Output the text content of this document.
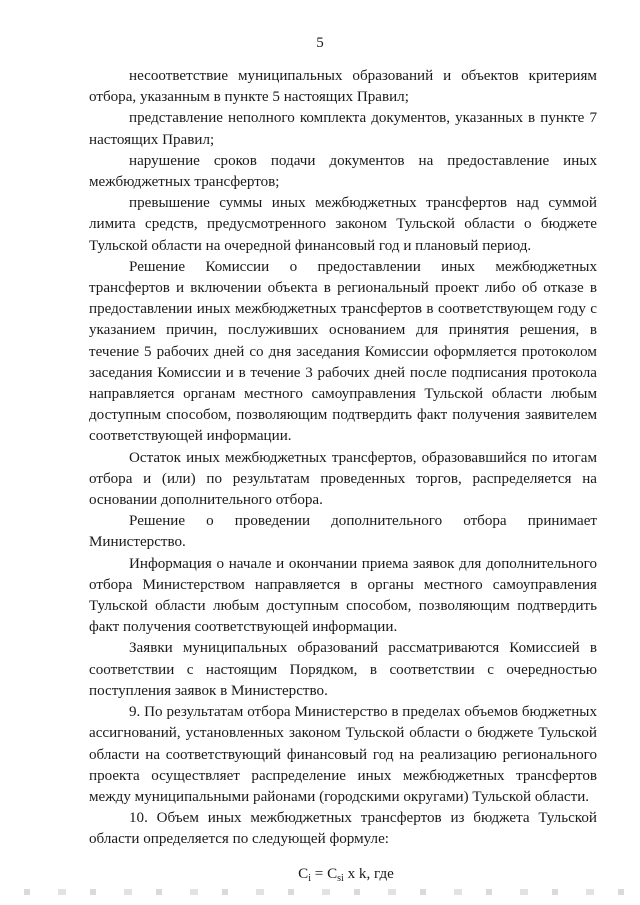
5

несоответствие муниципальных образований и объектов критериям отбора, указанным в пункте 5 настоящих Правил;

представление неполного комплекта документов, указанных в пункте 7 настоящих Правил;

нарушение сроков подачи документов на предоставление иных межбюджетных трансфертов;

превышение суммы иных межбюджетных трансфертов над суммой лимита средств, предусмотренного законом Тульской области о бюджете Тульской области на очередной финансовый год и плановый период.

Решение Комиссии о предоставлении иных межбюджетных трансфертов и включении объекта в региональный проект либо об отказе в предоставлении иных межбюджетных трансфертов в соответствующем году с указанием причин, послуживших основанием для принятия решения, в течение 5 рабочих дней со дня заседания Комиссии оформляется протоколом заседания Комиссии и в течение 3 рабочих дней после подписания протокола направляется органам местного самоуправления Тульской области любым доступным способом, позволяющим подтвердить факт получения заявителем соответствующей информации.

Остаток иных межбюджетных трансфертов, образовавшийся по итогам отбора и (или) по результатам проведенных торгов, распределяется на основании дополнительного отбора.

Решение о проведении дополнительного отбора принимает Министерство.

Информация о начале и окончании приема заявок для дополнительного отбора Министерством направляется в органы местного самоуправления Тульской области любым доступным способом, позволяющим подтвердить факт получения соответствующей информации.

Заявки муниципальных образований рассматриваются Комиссией в соответствии с настоящим Порядком, в соответствии с очередностью поступления заявок в Министерство.

9. По результатам отбора Министерство в пределах объемов бюджетных ассигнований, установленных законом Тульской области о бюджете Тульской области на соответствующий финансовый год на реализацию регионального проекта осуществляет распределение иных межбюджетных трансфертов между муниципальными районами (городскими округами) Тульской области.

10. Объем иных межбюджетных трансфертов из бюджета Тульской области определяется по следующей формуле:

$C_i = C_{si}$ x k, где
